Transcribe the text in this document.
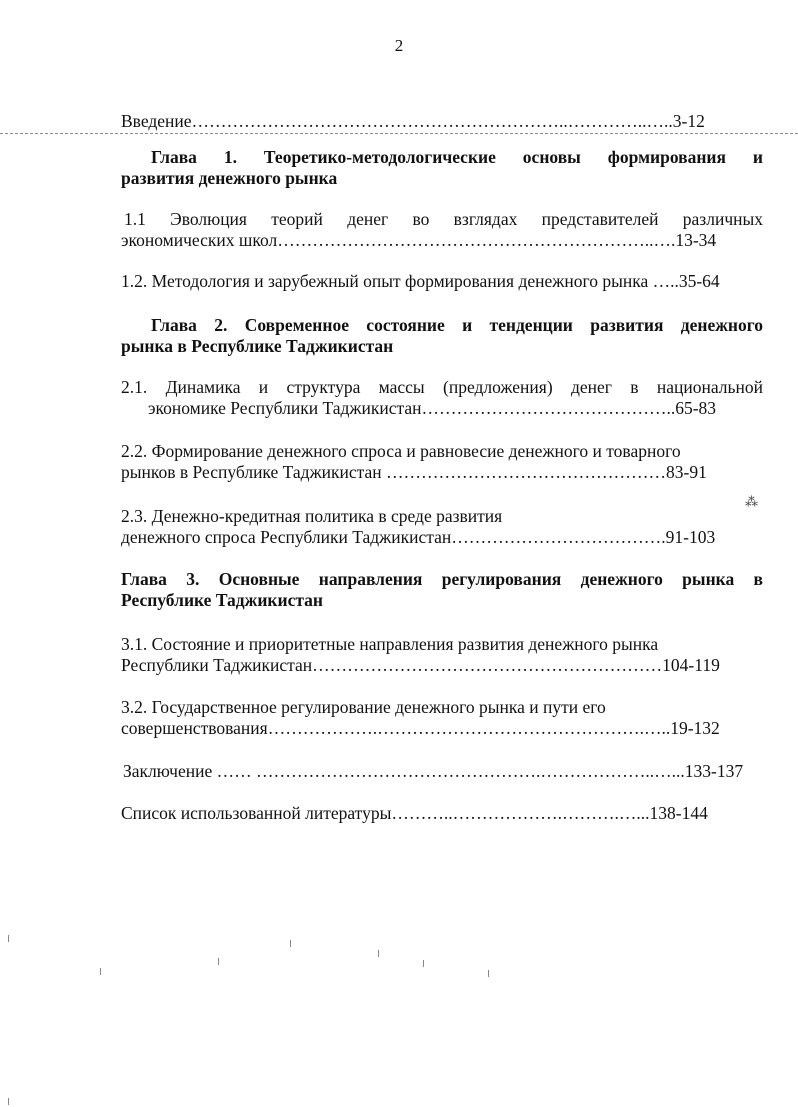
2
Введение………………………………………………………..…………..…..3-12
Глава 1. Теоретико-методологические основы формирования и
развития денежного рынка
1.1 Эволюция теорий денег во взглядах представителей различных
экономических школ………………………………………………………..….13-34
1.2. Методология и зарубежный опыт формирования денежного рынка …..35-64
Глава 2. Современное состояние и тенденции развития денежного
рынка в Республике Таджикистан
2.1. Динамика и структура массы (предложения) денег в национальной
экономике Республики Таджикистан……………………………………..65-83
2.2. Формирование денежного спроса и равновесие денежного и товарного
рынков в Республике Таджикистан …………………………………………83-91
2.3. Денежно-кредитная политика в среде развития
денежного спроса Республики Таджикистан……………………………….91-103
⁂
Глава 3. Основные направления регулирования денежного рынка в
Республике Таджикистан
3.1. Состояние и приоритетные направления развития денежного рынка
Республики Таджикистан……………………………………………………104-119
3.2. Государственное регулирование денежного рынка и пути его
совершенствования……………….……………………………………….…..19-132
Заключение …… ………………………………………….………………..…...133-137
Список использованной литературы………..……………….……….…...138-144
